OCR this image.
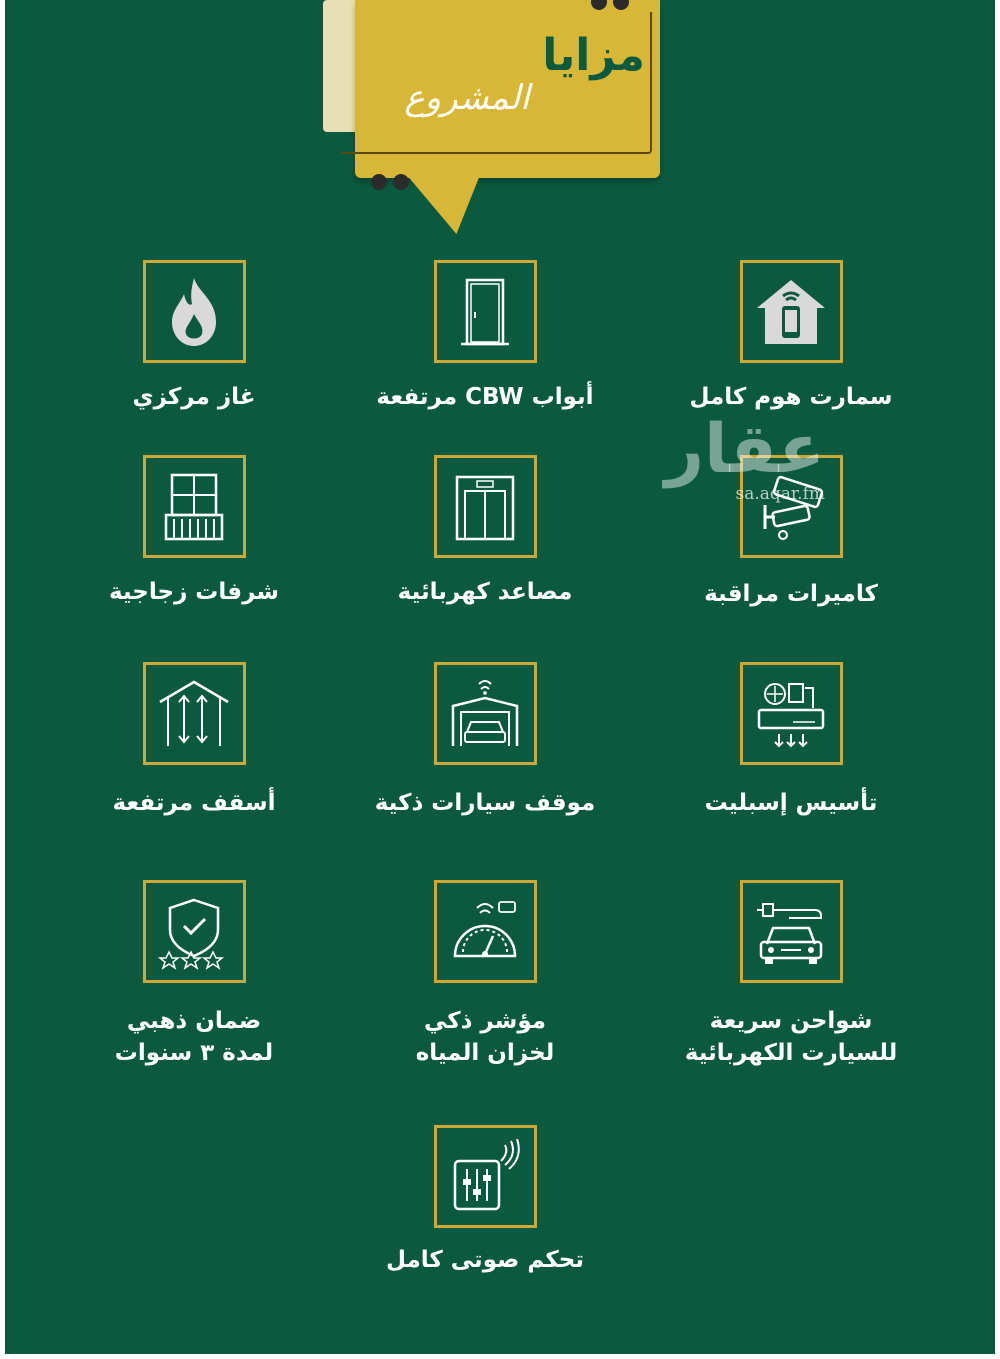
مزايا
المشروع
سمارت هوم كامل
أبواب CBW مرتفعة
غاز مركزي
كاميرات مراقبة
مصاعد كهربائية
شرفات زجاجية
تأسيس إسبليت
موقف سيارات ذكية
أسقف مرتفعة
شواحن سريعة
للسيارت الكهربائية
مؤشر ذكي
لخزان المياه
ضمان ذهبي
لمدة ٣ سنوات
تحكم صوتى كامل
عقار
sa.aqar.fm
